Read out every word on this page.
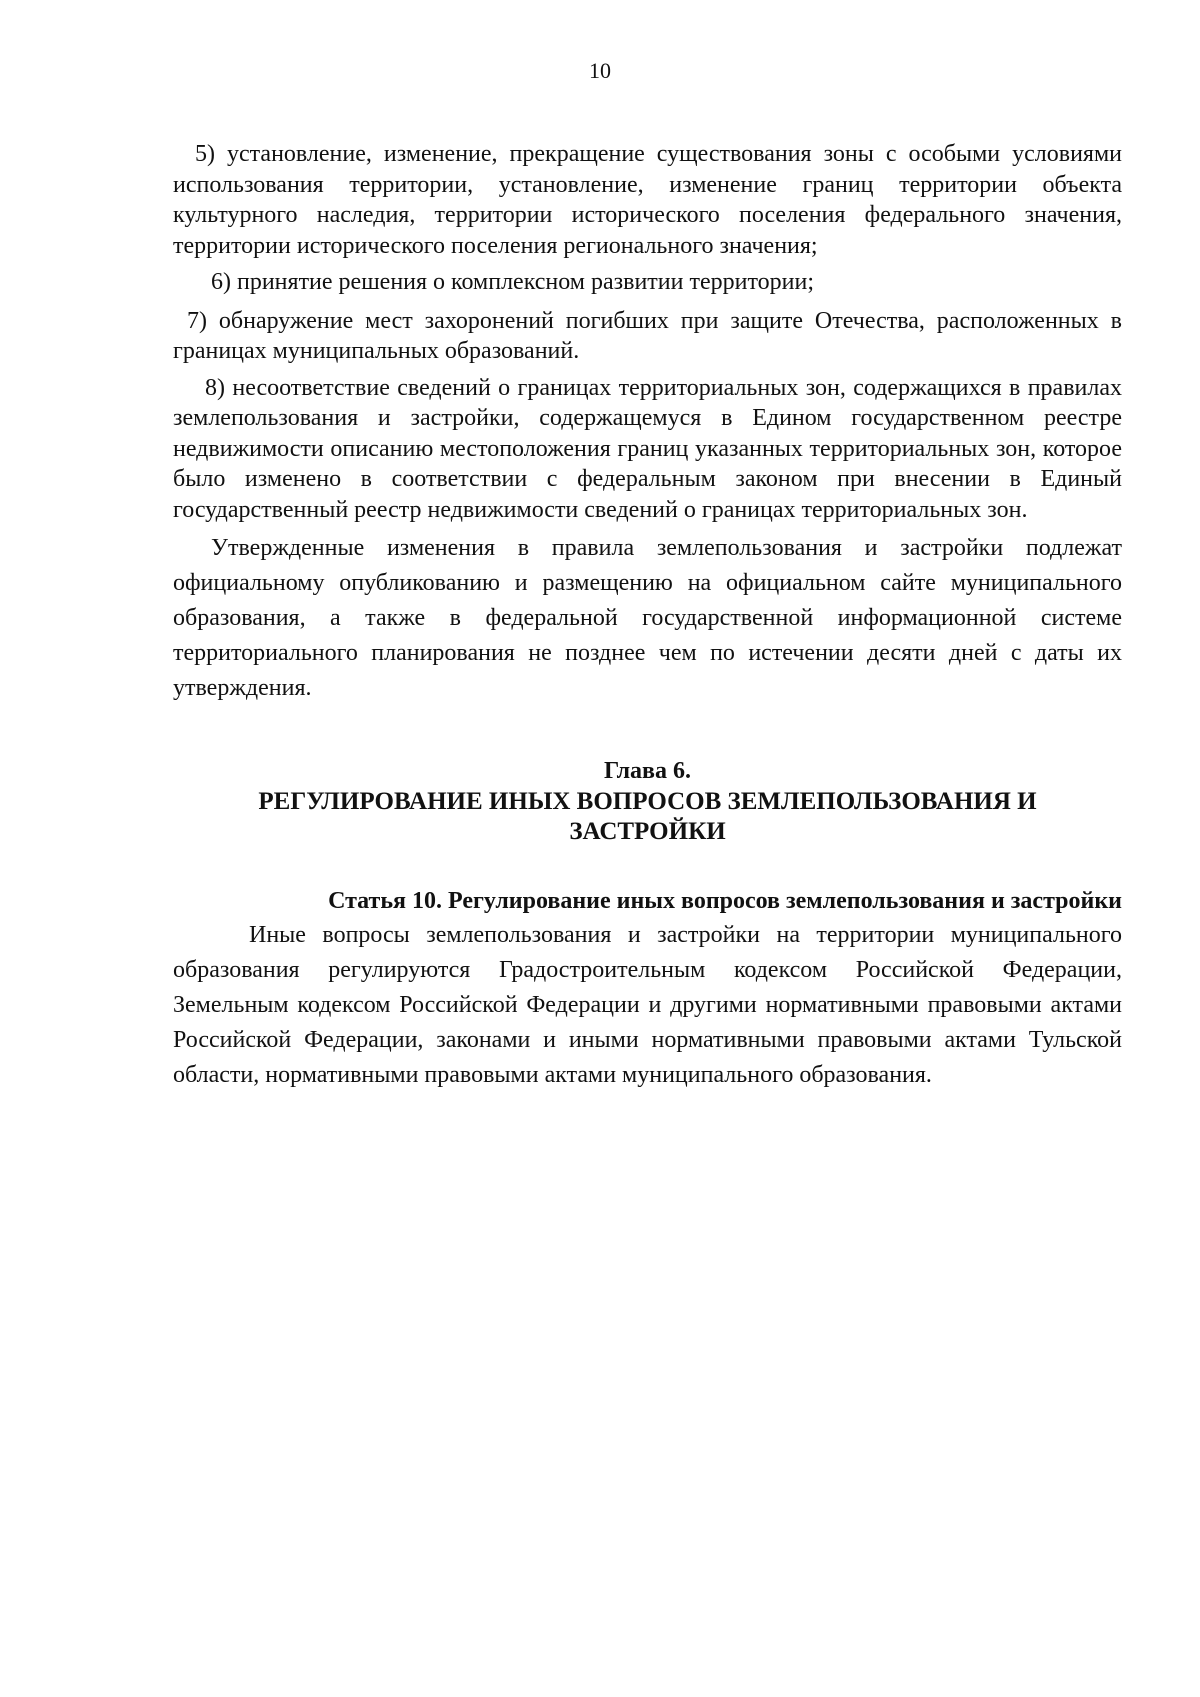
10

5) установление, изменение, прекращение существования зоны с особыми условиями использования территории, установление, изменение границ территории объекта культурного наследия, территории исторического поселения федерального значения, территории исторического поселения регионального значения;

6) принятие решения о комплексном развитии территории;

7) обнаружение мест захоронений погибших при защите Отечества, расположенных в границах муниципальных образований.

8) несоответствие сведений о границах территориальных зон, содержащихся в правилах землепользования и застройки, содержащемуся в Едином государственном реестре недвижимости описанию местоположения границ указанных территориальных зон, которое было изменено в соответствии с федеральным законом при внесении в Единый государственный реестр недвижимости сведений о границах территориальных зон.

Утвержденные изменения в правила землепользования и застройки подлежат официальному опубликованию и размещению на официальном сайте муниципального образования, а также в федеральной государственной информационной системе территориального планирования не позднее чем по истечении десяти дней с даты их утверждения.

Глава 6.
РЕГУЛИРОВАНИЕ ИНЫХ ВОПРОСОВ ЗЕМЛЕПОЛЬЗОВАНИЯ И
ЗАСТРОЙКИ
Статья 10. Регулирование иных вопросов землепользования и застройки

Иные вопросы землепользования и застройки на территории муниципального образования регулируются Градостроительным кодексом Российской Федерации, Земельным кодексом Российской Федерации и другими нормативными правовыми актами Российской Федерации, законами и иными нормативными правовыми актами Тульской области, нормативными правовыми актами муниципального образования.
